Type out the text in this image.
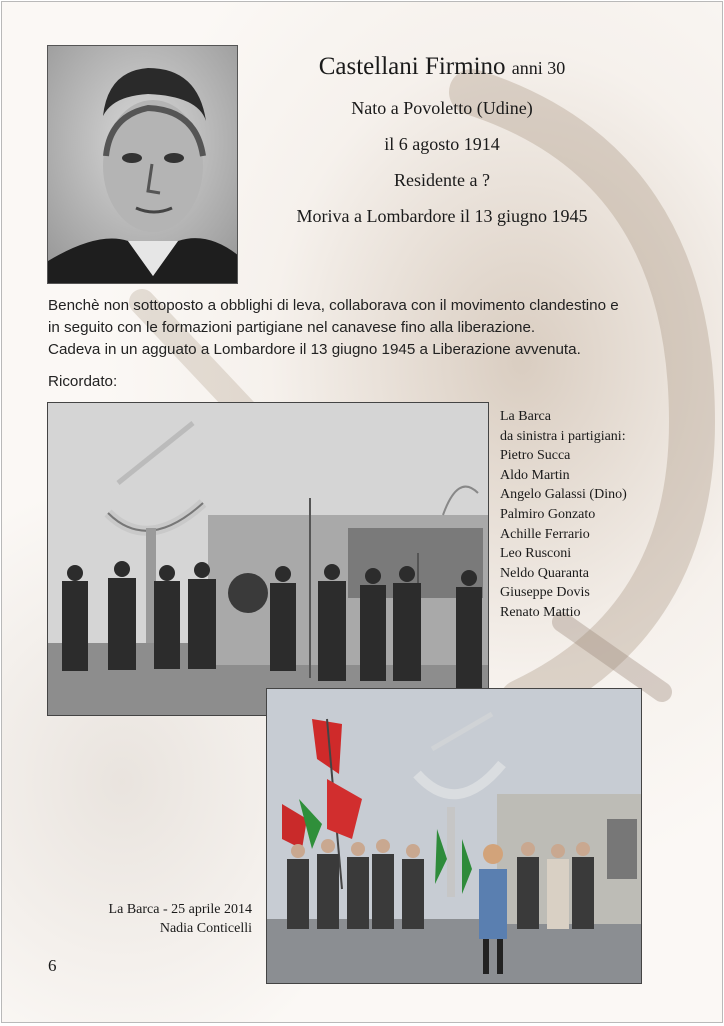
Castellani Firmino anni 30
Nato a Povoletto (Udine)
il 6 agosto 1914
Residente a ?
Moriva a Lombardore il 13 giugno 1945
Benchè non sottoposto a obblighi di leva, collaborava con il movimento clandestino e
in seguito con le formazioni partigiane nel canavese fino alla liberazione.
Cadeva in un agguato a Lombardore il 13 giugno 1945 a Liberazione avvenuta.
Ricordato:
La Barca
da sinistra i partigiani:
Pietro Succa
Aldo Martin
Angelo Galassi (Dino)
Palmiro Gonzato
Achille Ferrario
Leo Rusconi
Neldo Quaranta
Giuseppe Dovis
Renato Mattio
La Barca - 25 aprile 2014
Nadia Conticelli
6
